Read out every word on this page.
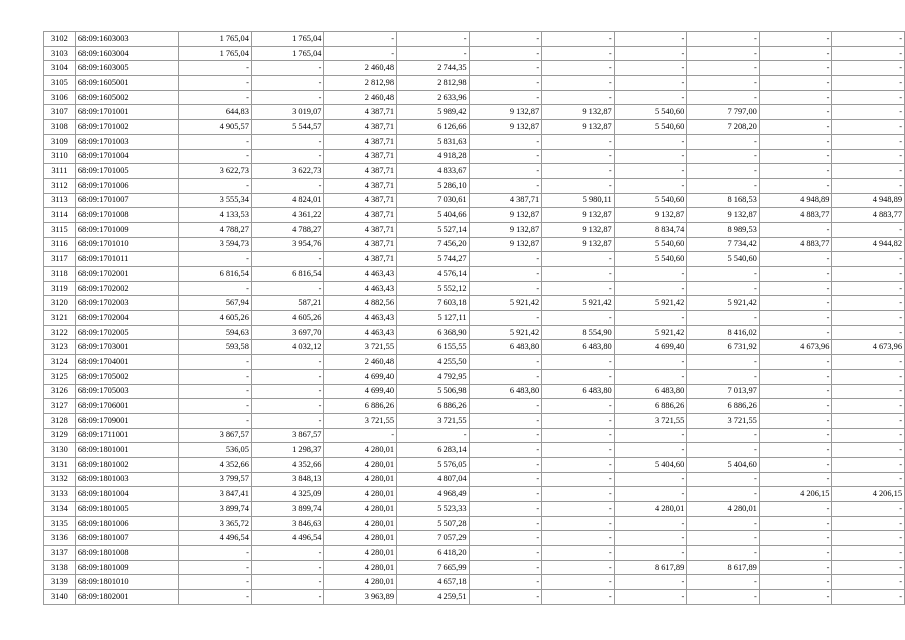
3102	68:09:1603003	1 765,04	1 765,04	-	-	-	-	-	-	-	-
3103	68:09:1603004	1 765,04	1 765,04	-	-	-	-	-	-	-	-
3104	68:09:1603005	-	-	2 460,48	2 744,35	-	-	-	-	-	-
3105	68:09:1605001	-	-	2 812,98	2 812,98	-	-	-	-	-	-
3106	68:09:1605002	-	-	2 460,48	2 633,96	-	-	-	-	-	-
3107	68:09:1701001	644,83	3 019,07	4 387,71	5 989,42	9 132,87	9 132,87	5 540,60	7 797,00	-	-
3108	68:09:1701002	4 905,57	5 544,57	4 387,71	6 126,66	9 132,87	9 132,87	5 540,60	7 208,20	-	-
3109	68:09:1701003	-	-	4 387,71	5 831,63	-	-	-	-	-	-
3110	68:09:1701004	-	-	4 387,71	4 918,28	-	-	-	-	-	-
3111	68:09:1701005	3 622,73	3 622,73	4 387,71	4 833,67	-	-	-	-	-	-
3112	68:09:1701006	-	-	4 387,71	5 286,10	-	-	-	-	-	-
3113	68:09:1701007	3 555,34	4 824,01	4 387,71	7 030,61	4 387,71	5 980,11	5 540,60	8 168,53	4 948,89	4 948,89
3114	68:09:1701008	4 133,53	4 361,22	4 387,71	5 404,66	9 132,87	9 132,87	9 132,87	9 132,87	4 883,77	4 883,77
3115	68:09:1701009	4 788,27	4 788,27	4 387,71	5 527,14	9 132,87	9 132,87	8 834,74	8 989,53	-	-
3116	68:09:1701010	3 594,73	3 954,76	4 387,71	7 456,20	9 132,87	9 132,87	5 540,60	7 734,42	4 883,77	4 944,82
3117	68:09:1701011	-	-	4 387,71	5 744,27	-	-	5 540,60	5 540,60	-	-
3118	68:09:1702001	6 816,54	6 816,54	4 463,43	4 576,14	-	-	-	-	-	-
3119	68:09:1702002	-	-	4 463,43	5 552,12	-	-	-	-	-	-
3120	68:09:1702003	567,94	587,21	4 882,56	7 603,18	5 921,42	5 921,42	5 921,42	5 921,42	-	-
3121	68:09:1702004	4 605,26	4 605,26	4 463,43	5 127,11	-	-	-	-	-	-
3122	68:09:1702005	594,63	3 697,70	4 463,43	6 368,90	5 921,42	8 554,90	5 921,42	8 416,02	-	-
3123	68:09:1703001	593,58	4 032,12	3 721,55	6 155,55	6 483,80	6 483,80	4 699,40	6 731,92	4 673,96	4 673,96
3124	68:09:1704001	-	-	2 460,48	4 255,50	-	-	-	-	-	-
3125	68:09:1705002	-	-	4 699,40	4 792,95	-	-	-	-	-	-
3126	68:09:1705003	-	-	4 699,40	5 506,98	6 483,80	6 483,80	6 483,80	7 013,97	-	-
3127	68:09:1706001	-	-	6 886,26	6 886,26	-	-	6 886,26	6 886,26	-	-
3128	68:09:1709001	-	-	3 721,55	3 721,55	-	-	3 721,55	3 721,55	-	-
3129	68:09:1711001	3 867,57	3 867,57	-	-	-	-	-	-	-	-
3130	68:09:1801001	536,05	1 298,37	4 280,01	6 283,14	-	-	-	-	-	-
3131	68:09:1801002	4 352,66	4 352,66	4 280,01	5 576,05	-	-	5 404,60	5 404,60	-	-
3132	68:09:1801003	3 799,57	3 848,13	4 280,01	4 807,04	-	-	-	-	-	-
3133	68:09:1801004	3 847,41	4 325,09	4 280,01	4 968,49	-	-	-	-	4 206,15	4 206,15
3134	68:09:1801005	3 899,74	3 899,74	4 280,01	5 523,33	-	-	4 280,01	4 280,01	-	-
3135	68:09:1801006	3 365,72	3 846,63	4 280,01	5 507,28	-	-	-	-	-	-
3136	68:09:1801007	4 496,54	4 496,54	4 280,01	7 057,29	-	-	-	-	-	-
3137	68:09:1801008	-	-	4 280,01	6 418,20	-	-	-	-	-	-
3138	68:09:1801009	-	-	4 280,01	7 665,99	-	-	8 617,89	8 617,89	-	-
3139	68:09:1801010	-	-	4 280,01	4 657,18	-	-	-	-	-	-
3140	68:09:1802001	-	-	3 963,89	4 259,51	-	-	-	-	-	-
